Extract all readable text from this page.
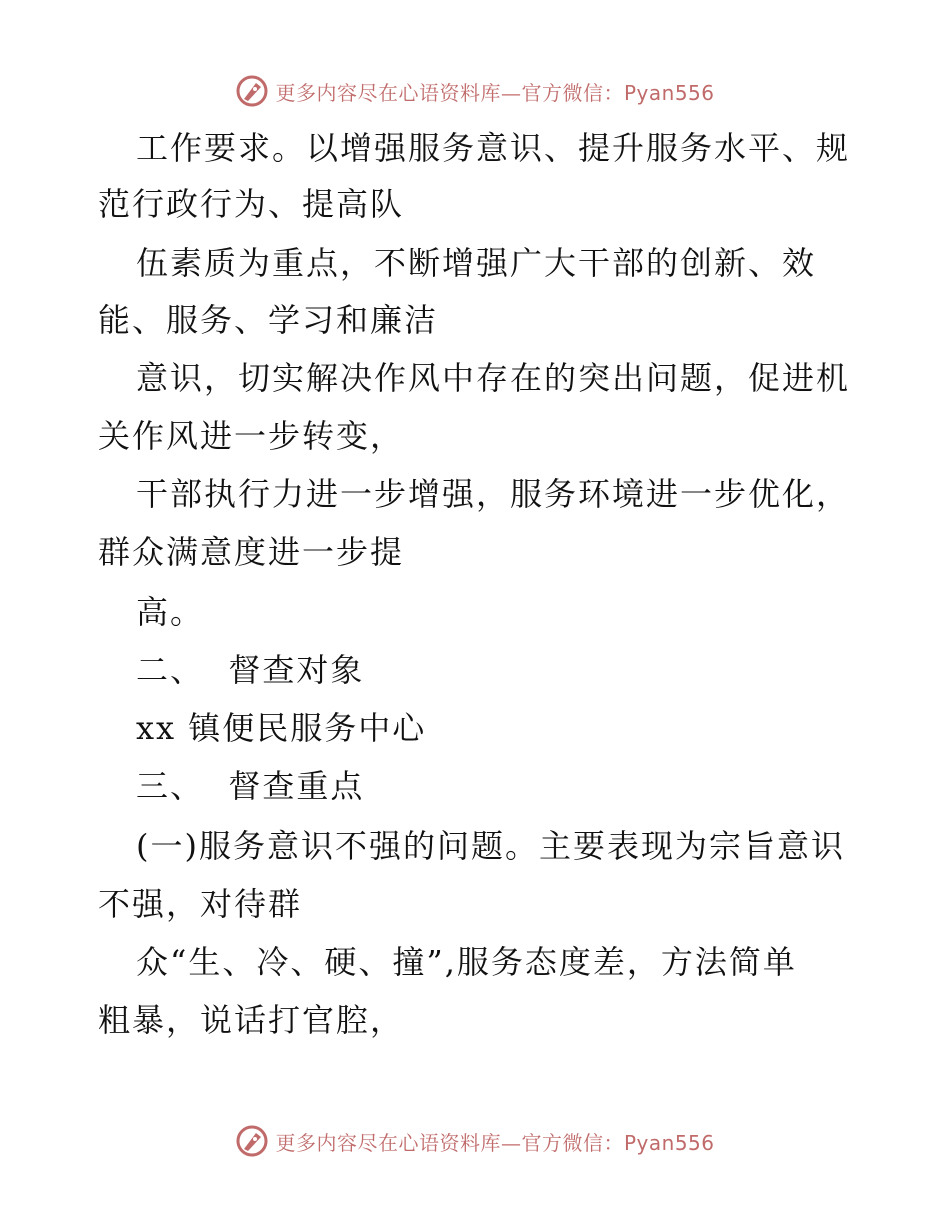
更多内容尽在心语资料库—官方微信：Pyan556
工作要求。以增强服务意识、提升服务水平、规
范行政行为、提高队
伍素质为重点，不断增强广大干部的创新、效
能、服务、学习和廉洁
意识，切实解决作风中存在的突出问题，促进机
关作风进一步转变，
干部执行力进一步增强，服务环境进一步优化，
群众满意度进一步提
高。
二、  督查对象
xx 镇便民服务中心
三、  督查重点
(一)服务意识不强的问题。主要表现为宗旨意识
不强，对待群
众“生、冷、硬、撞”,服务态度差，方法简单
粗暴，说话打官腔，
更多内容尽在心语资料库—官方微信：Pyan556
